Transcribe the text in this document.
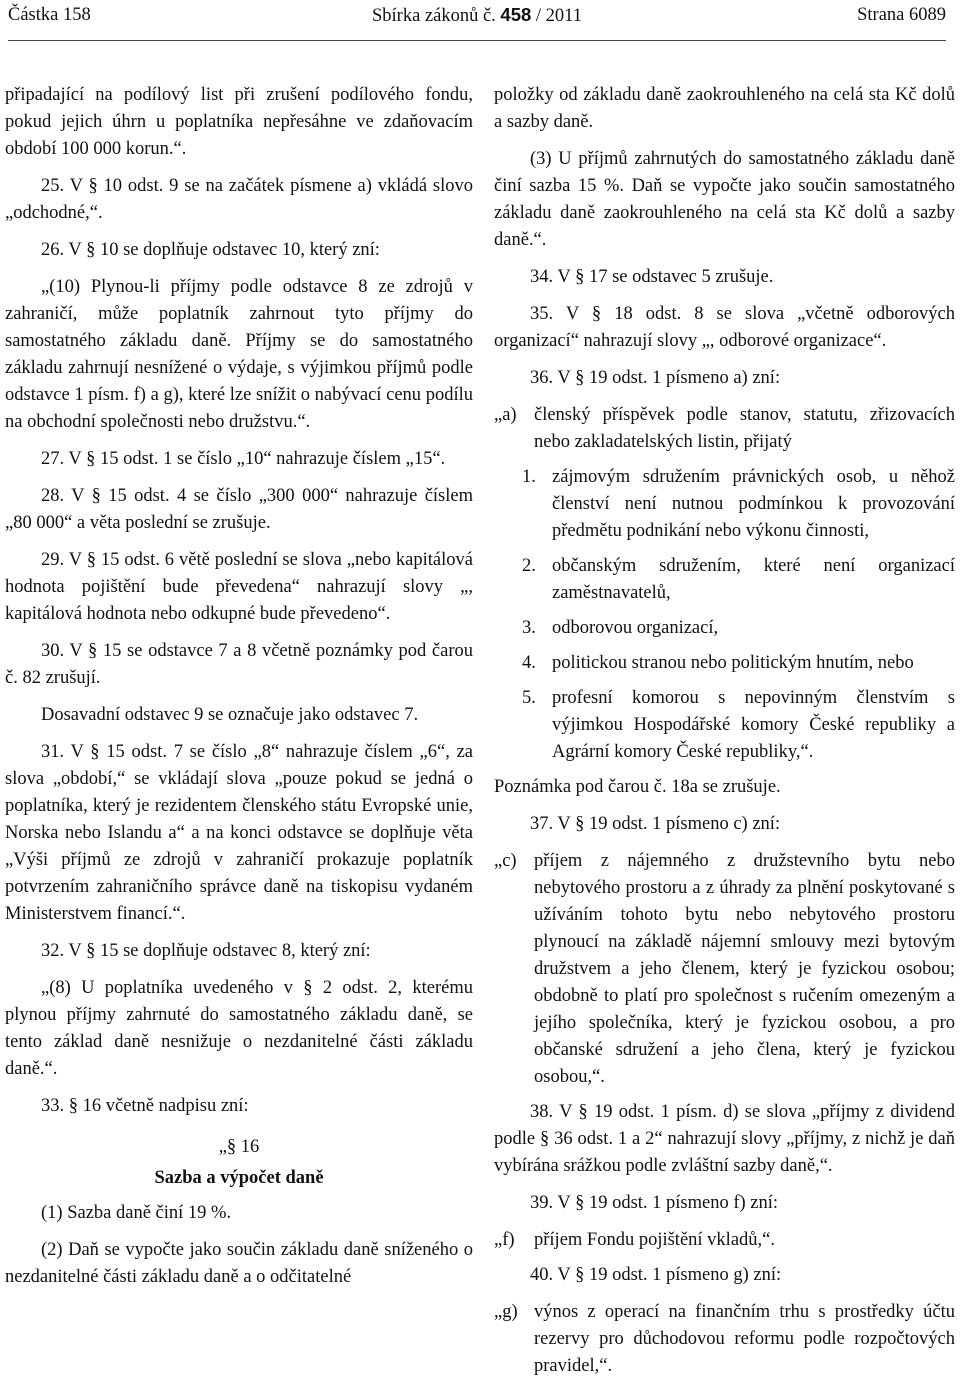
Částka 158	Sbírka zákonů č. 458 / 2011	Strana 6089

připadající na podílový list při zrušení podílového fondu, pokud jejich úhrn u poplatníka nepřesáhne ve zdaňovacím období 100 000 korun.“.

25. V § 10 odst. 9 se na začátek písmene a) vkládá slovo „odchodné,“.

26. V § 10 se doplňuje odstavec 10, který zní:

„(10) Plynou-li příjmy podle odstavce 8 ze zdrojů v zahraničí, může poplatník zahrnout tyto příjmy do samostatného základu daně. Příjmy se do samostatného základu zahrnují nesnížené o výdaje, s výjimkou příjmů podle odstavce 1 písm. f) a g), které lze snížit o nabývací cenu podílu na obchodní společnosti nebo družstvu.“.

27. V § 15 odst. 1 se číslo „10“ nahrazuje číslem „15“.

28. V § 15 odst. 4 se číslo „300 000“ nahrazuje číslem „80 000“ a věta poslední se zrušuje.

29. V § 15 odst. 6 větě poslední se slova „nebo kapitálová hodnota pojištění bude převedena“ nahrazují slovy „, kapitálová hodnota nebo odkupné bude převedeno“.

30. V § 15 se odstavce 7 a 8 včetně poznámky pod čarou č. 82 zrušují.

Dosavadní odstavec 9 se označuje jako odstavec 7.

31. V § 15 odst. 7 se číslo „8“ nahrazuje číslem „6“, za slova „období,“ se vkládají slova „pouze pokud se jedná o poplatníka, který je rezidentem členského státu Evropské unie, Norska nebo Islandu a“ a na konci odstavce se doplňuje věta „Výši příjmů ze zdrojů v zahraničí prokazuje poplatník potvrzením zahraničního správce daně na tiskopisu vydaném Ministerstvem financí.“.

32. V § 15 se doplňuje odstavec 8, který zní:

„(8) U poplatníka uvedeného v § 2 odst. 2, kterému plynou příjmy zahrnuté do samostatného základu daně, se tento základ daně nesnižuje o nezdanitelné části základu daně.“.

33. § 16 včetně nadpisu zní:

„§ 16
Sazba a výpočet daně

(1) Sazba daně činí 19 %.

(2) Daň se vypočte jako součin základu daně sníženého o nezdanitelné části základu daně a o odčitatelné

položky od základu daně zaokrouhleného na celá sta Kč dolů a sazby daně.

(3) U příjmů zahrnutých do samostatného základu daně činí sazba 15 %. Daň se vypočte jako součin samostatného základu daně zaokrouhleného na celá sta Kč dolů a sazby daně.“.

34. V § 17 se odstavec 5 zrušuje.

35. V § 18 odst. 8 se slova „včetně odborových organizací“ nahrazují slovy „, odborové organizace“.

36. V § 19 odst. 1 písmeno a) zní:

„a) členský příspěvek podle stanov, statutu, zřizovacích nebo zakladatelských listin, přijatý
1. zájmovým sdružením právnických osob, u něhož členství není nutnou podmínkou k provozování předmětu podnikání nebo výkonu činnosti,
2. občanským sdružením, které není organizací zaměstnavatelů,
3. odborovou organizací,
4. politickou stranou nebo politickým hnutím, nebo
5. profesní komorou s nepovinným členstvím s výjimkou Hospodářské komory České republiky a Agrární komory České republiky,“.

Poznámka pod čarou č. 18a se zrušuje.

37. V § 19 odst. 1 písmeno c) zní:

„c) příjem z nájemného z družstevního bytu nebo nebytového prostoru a z úhrady za plnění poskytované s užíváním tohoto bytu nebo nebytového prostoru plynoucí na základě nájemní smlouvy mezi bytovým družstvem a jeho členem, který je fyzickou osobou; obdobně to platí pro společnost s ručením omezeným a jejího společníka, který je fyzickou osobou, a pro občanské sdružení a jeho člena, který je fyzickou osobou,“.

38. V § 19 odst. 1 písm. d) se slova „příjmy z dividend podle § 36 odst. 1 a 2“ nahrazují slovy „příjmy, z nichž je daň vybírána srážkou podle zvláštní sazby daně,“.

39. V § 19 odst. 1 písmeno f) zní:

„f)	příjem Fondu pojištění vkladů,“.

40. V § 19 odst. 1 písmeno g) zní:

„g) výnos z operací na finančním trhu s prostředky účtu rezervy pro důchodovou reformu podle rozpočtových pravidel,“.
